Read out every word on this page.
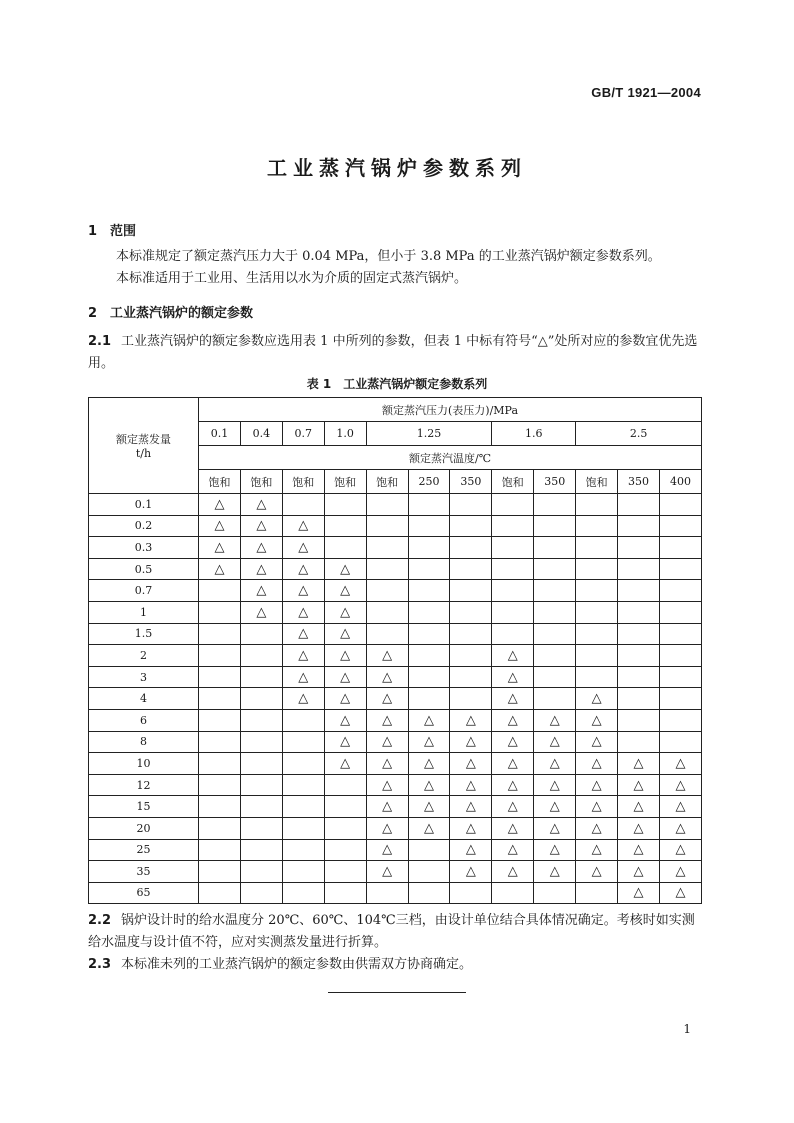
GB/T 1921—2004
工业蒸汽锅炉参数系列
1 范围
本标准规定了额定蒸汽压力大于 0.04 MPa，但小于 3.8 MPa 的工业蒸汽锅炉额定参数系列。
本标准适用于工业用、生活用以水为介质的固定式蒸汽锅炉。
2 工业蒸汽锅炉的额定参数
2.1 工业蒸汽锅炉的额定参数应选用表 1 中所列的参数，但表 1 中标有符号“△”处所对应的参数宜优先选用。
表 1 工业蒸汽锅炉额定参数系列
额定蒸发量
t/h	额定蒸汽压力(表压力)/MPa											
	0.1	0.4	0.7	1.0	1.25			1.6		2.5		
	额定蒸汽温度/℃											
	饱和	饱和	饱和	饱和	饱和	250	350	饱和	350	饱和	350	400
0.1	△	△										
0.2	△	△	△									
0.3	△	△	△									
0.5	△	△	△	△								
0.7		△	△	△								
1		△	△	△								
1.5			△	△								
2			△	△	△			△				
3			△	△	△			△				
4			△	△	△			△		△		
6				△	△	△	△	△	△	△		
8				△	△	△	△	△	△	△		
10				△	△	△	△	△	△	△	△	△
12					△	△	△	△	△	△	△	△
15					△	△	△	△	△	△	△	△
20					△	△	△	△	△	△	△	△
25					△		△	△	△	△	△	△
35					△		△	△	△	△	△	△
65											△	△
2.2 锅炉设计时的给水温度分 20℃、60℃、104℃三档，由设计单位结合具体情况确定。考核时如实测给水温度与设计值不符，应对实测蒸发量进行折算。
2.3 本标准未列的工业蒸汽锅炉的额定参数由供需双方协商确定。
1
